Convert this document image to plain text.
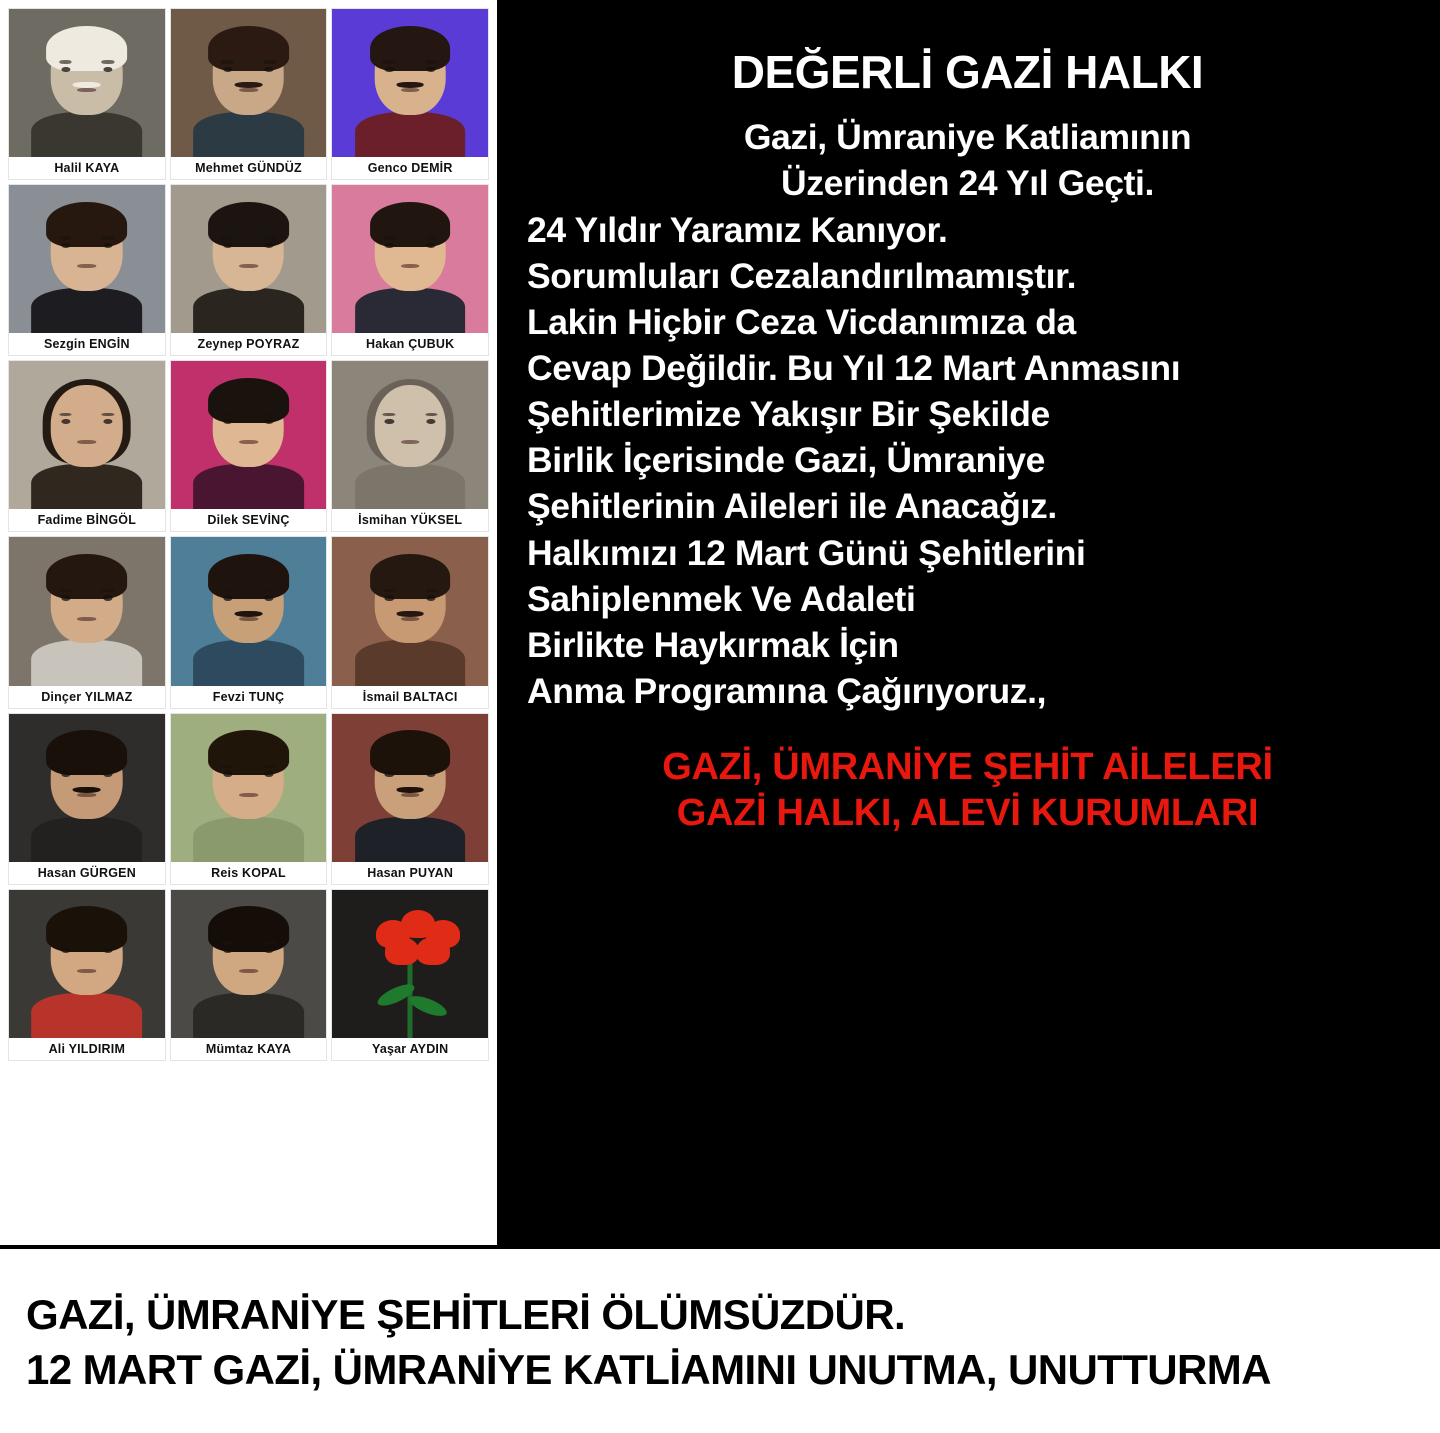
Halil KAYA	Mehmet GÜNDÜZ	Genco DEMİR
Sezgin ENGİN	Zeynep POYRAZ	Hakan ÇUBUK
Fadime BİNGÖL	Dilek SEVİNÇ	İsmihan YÜKSEL
Dinçer YILMAZ	Fevzi TUNÇ	İsmail BALTACI
Hasan GÜRGEN	Reis KOPAL	Hasan PUYAN
Ali YILDIRIM	Mümtaz KAYA	Yaşar AYDIN
DEĞERLİ GAZİ HALKI
Gazi, Ümraniye Katliamının
Üzerinden 24 Yıl Geçti.
24 Yıldır Yaramız Kanıyor.
Sorumluları Cezalandırılmamıştır.
Lakin Hiçbir Ceza Vicdanımıza da
Cevap Değildir. Bu Yıl 12 Mart Anmasını
Şehitlerimize Yakışır Bir Şekilde
Birlik İçerisinde Gazi, Ümraniye
Şehitlerinin Aileleri ile Anacağız.
Halkımızı 12 Mart Günü Şehitlerini
Sahiplenmek Ve Adaleti
Birlikte Haykırmak İçin
Anma Programına Çağırıyoruz.,
GAZİ, ÜMRANİYE ŞEHİT AİLELERİ
GAZİ HALKI, ALEVİ KURUMLARI
GAZİ, ÜMRANİYE ŞEHİTLERİ ÖLÜMSÜZDÜR.
12 MART GAZİ, ÜMRANİYE KATLİAMINI UNUTMA, UNUTTURMA
